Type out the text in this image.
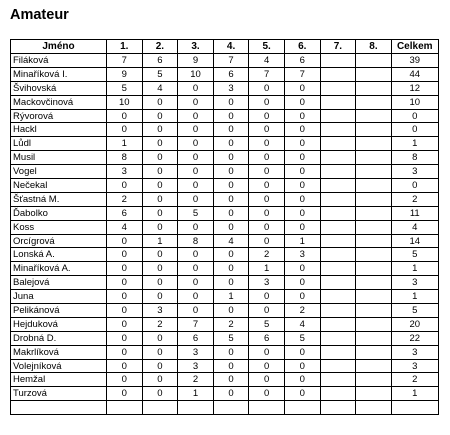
Amateur
Jméno	1.	2.	3.	4.	5.	6.	7.	8.	Celkem
Filáková	7	6	9	7	4	6			39
Minaříková I.	9	5	10	6	7	7			44
Švihovská	5	4	0	3	0	0			12
Mackovčinová	10	0	0	0	0	0			10
Rývorová	0	0	0	0	0	0			0
Hackl	0	0	0	0	0	0			0
Lůdl	1	0	0	0	0	0			1
Musil	8	0	0	0	0	0			8
Vogel	3	0	0	0	0	0			3
Nečekal	0	0	0	0	0	0			0
Šťastná M.	2	0	0	0	0	0			2
Ďabolko	6	0	5	0	0	0			11
Koss	4	0	0	0	0	0			4
Orcígrová	0	1	8	4	0	1			14
Lonská A.	0	0	0	0	2	3			5
Minaříková A.	0	0	0	0	1	0			1
Balejová	0	0	0	0	3	0			3
Juna	0	0	0	1	0	0			1
Pelikánová	0	3	0	0	0	2			5
Hejduková	0	2	7	2	5	4			20
Drobná D.	0	0	6	5	6	5			22
Makrlíková	0	0	3	0	0	0			3
Volejníková	0	0	3	0	0	0			3
Hemžal	0	0	2	0	0	0			2
Turzová	0	0	1	0	0	0			1
